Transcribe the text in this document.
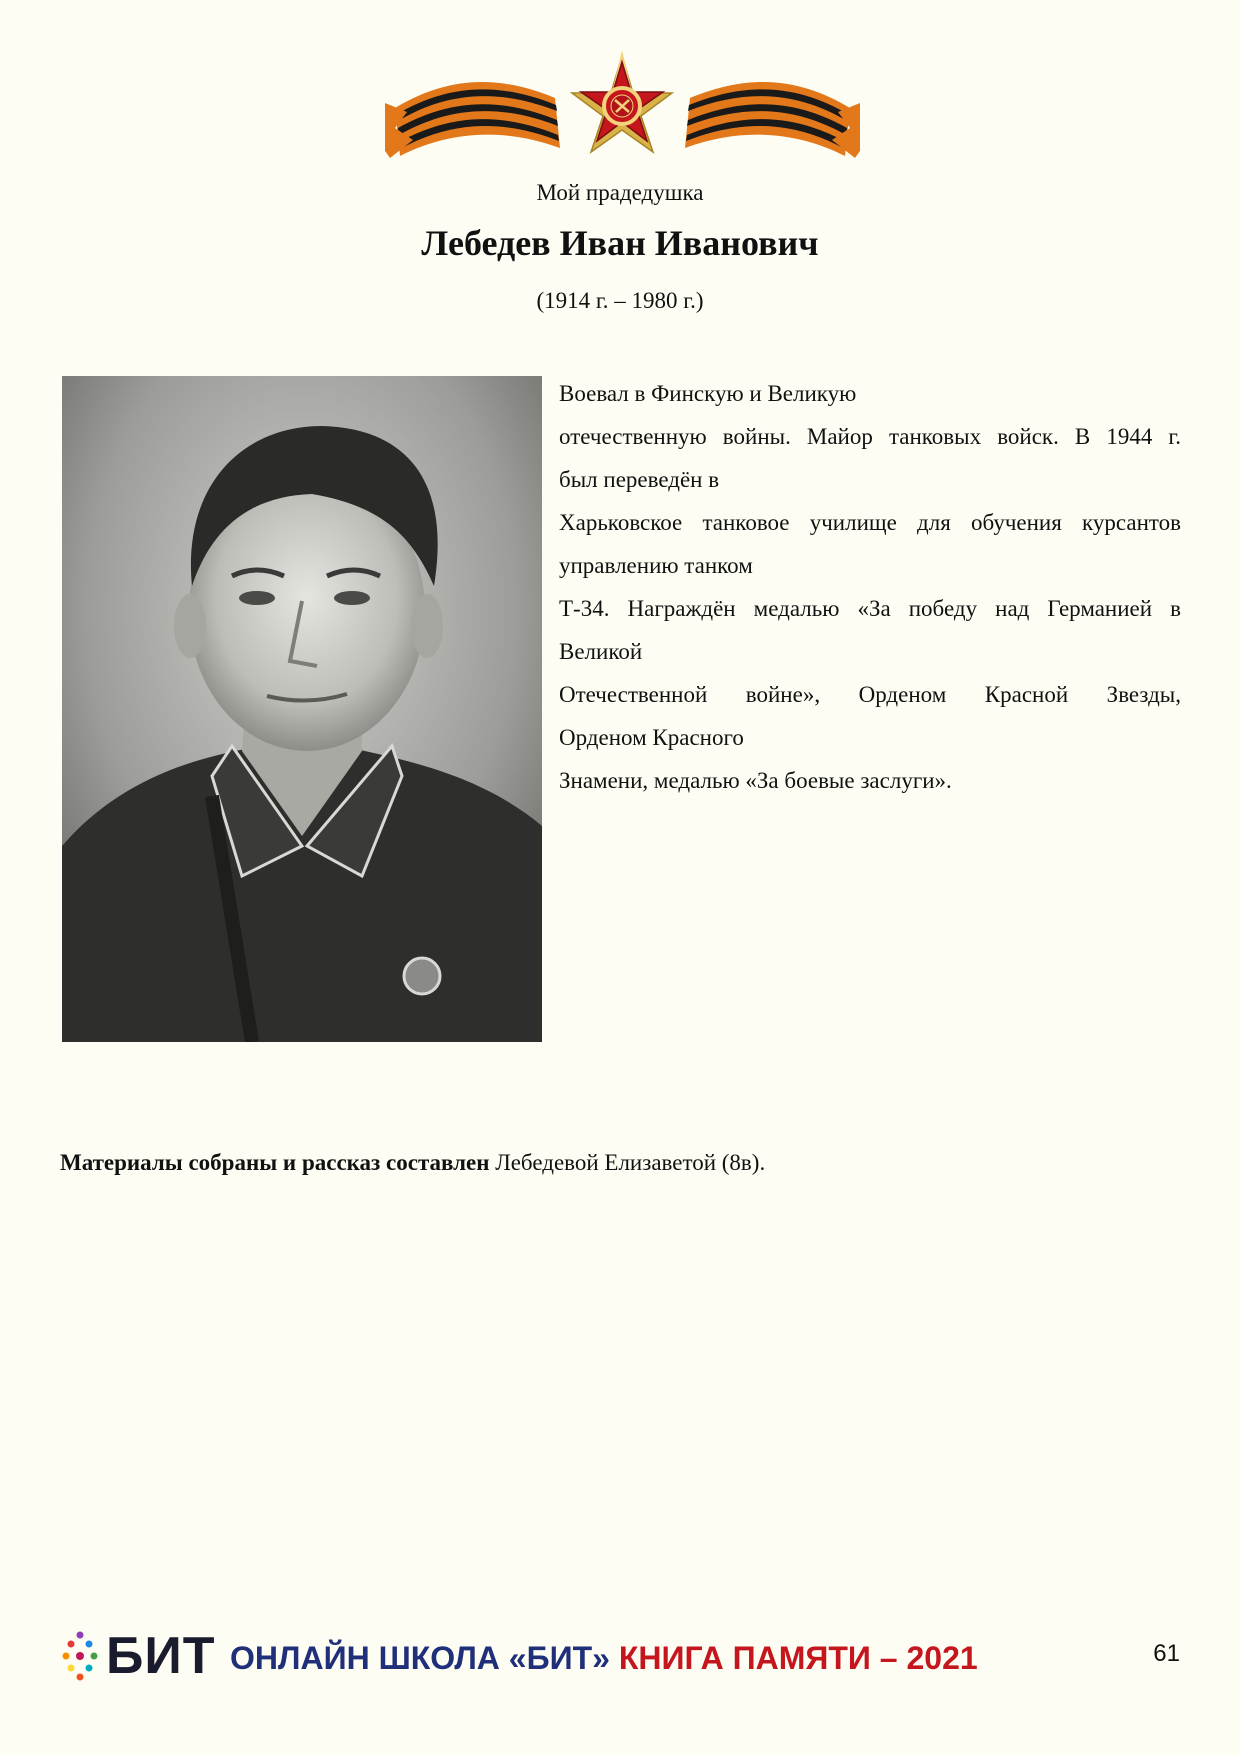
Мой прадедушка
Лебедев Иван Иванович
(1914 г. – 1980 г.)
Воевал в Финскую и Великую
отечественную войны. Майор танковых войск. В 1944 г.
был переведён в
Харьковское танковое училище для обучения курсантов
управлению танком
Т-34. Награждён медалью «За победу над Германией в
Великой
Отечественной войне», Орденом Красной Звезды,
Орденом Красного
Знамени, медалью «За боевые заслуги».
Материалы собраны и рассказ составлен Лебедевой Елизаветой (8в).
БИТ ОНЛАЙН ШКОЛА «БИТ» КНИГА ПАМЯТИ – 2021	61
